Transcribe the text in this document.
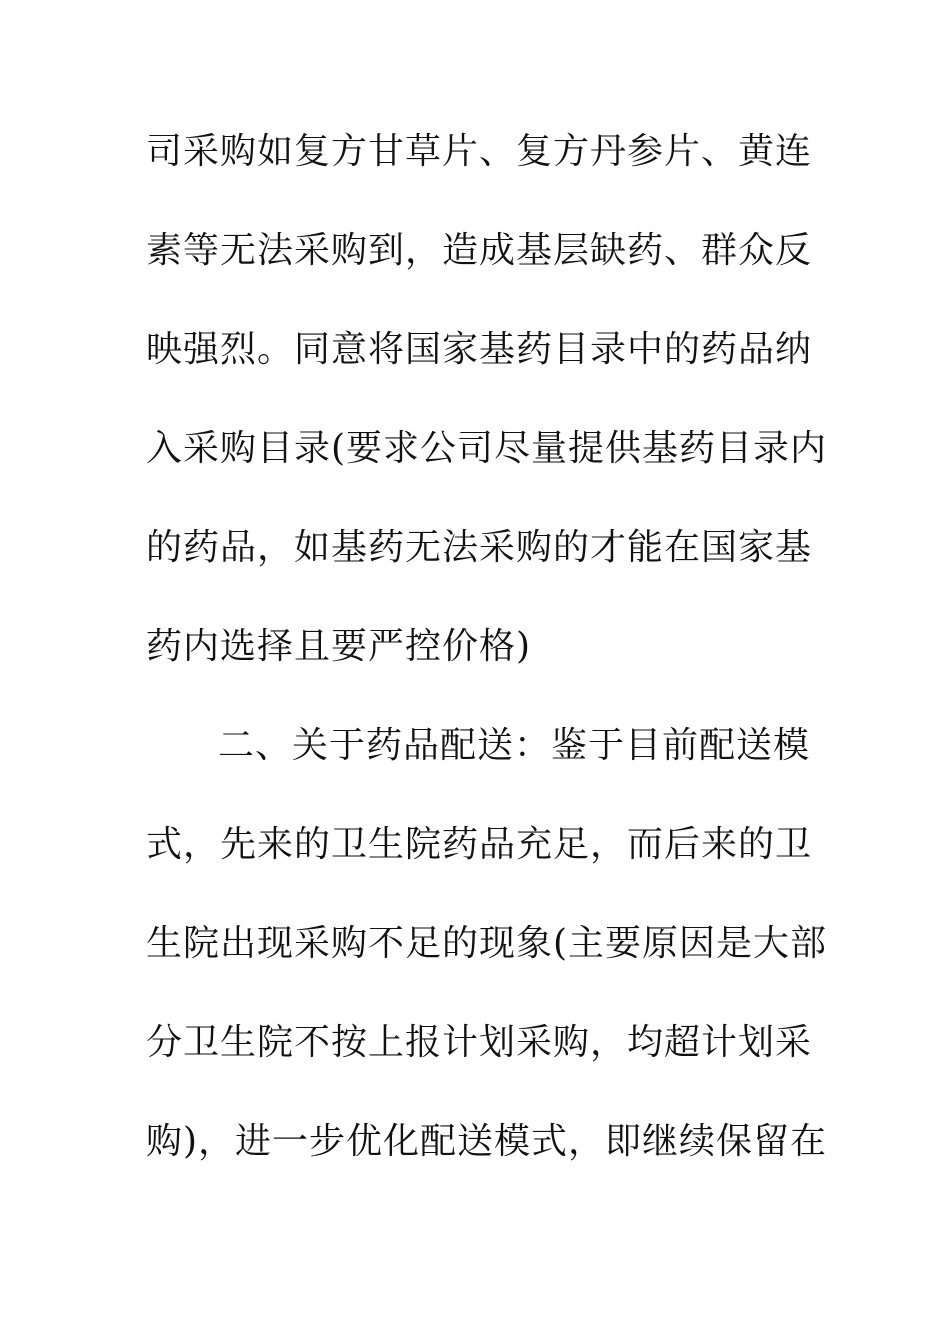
司采购如复方甘草片、复方丹参片、黄连
素等无法采购到，造成基层缺药、群众反
映强烈。同意将国家基药目录中的药品纳
入采购目录(要求公司尽量提供基药目录内
的药品，如基药无法采购的才能在国家基
药内选择且要严控价格)
二、关于药品配送：鉴于目前配送模
式，先来的卫生院药品充足，而后来的卫
生院出现采购不足的现象(主要原因是大部
分卫生院不按上报计划采购，均超计划采
购)，进一步优化配送模式，即继续保留在
